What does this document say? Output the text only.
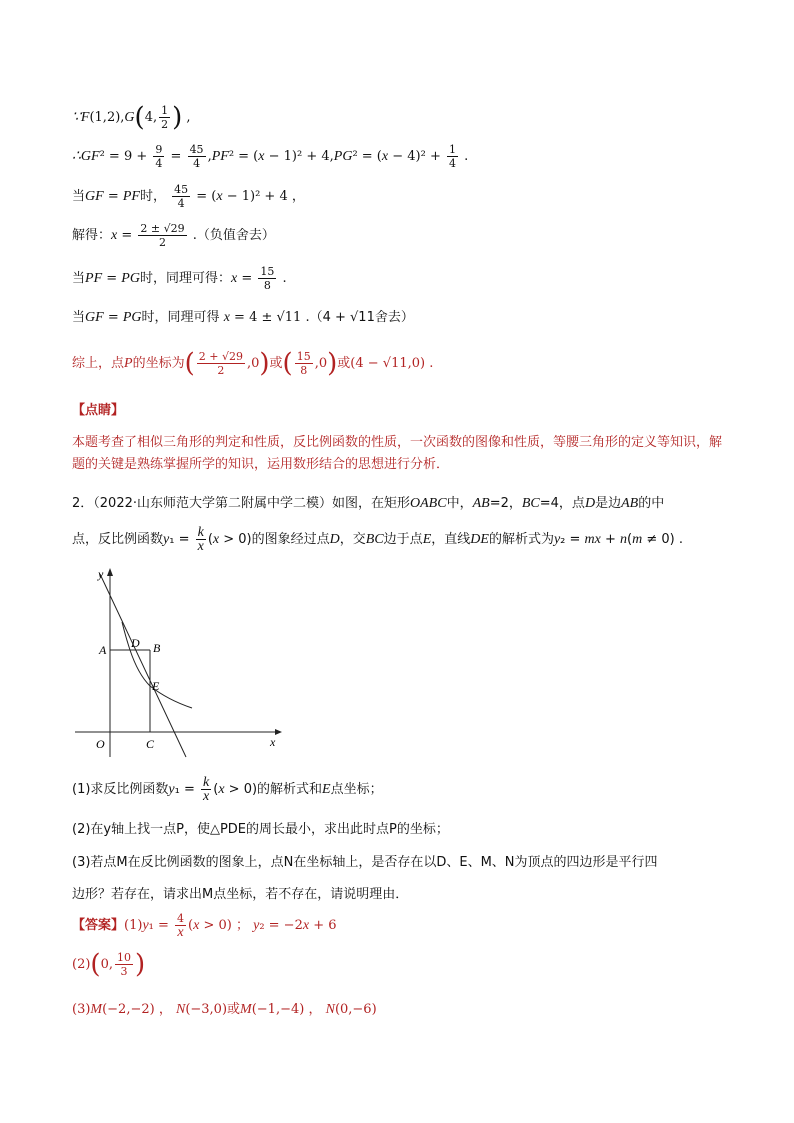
∵F(1,2),G(4, $\frac{1}{2}$ ) ,
∴GF² = $9 + \frac{9}{4} = \frac{45}{4} ,PF^2 = (x - 1)^2 + 4,PG^2 = (x - 4)^2 + \frac{1}{4}$ .
当GF = PF时， $\frac{45}{4} = (x - 1)^2 + 4$ ，
解得：$x = \frac{2 \pm √29}{2}$ .（负值舍去）
当PF = PG时，同理可得：$x = \frac{15}{8}$ .
当GF = PG时，同理可得 x = 4 ± √11 .（4 + √11舍去）
综上，点P的坐标为( $\frac{2 + √29}{2} ,0$)或( $\frac{15}{8} ,0$)或(4 − √11,0) .
【点睛】
本题考查了相似三角形的判定和性质，反比例函数的性质，一次函数的图像和性质，等腰三角形的定义等知识，解题的关键是熟练掌握所学的知识，运用数形结合的思想进行分析．
2．（2022·山东师范大学第二附属中学二模）如图，在矩形OABC中，AB=2，BC=4，点D是边AB的中
点，反比例函数$y_1 = \frac{k}{x} (x > 0)$的图象经过点D，交BC边于点E，直线DE的解析式为y₂ = mx + n(m ≠ 0) .
y
x
O
A D B
E
C
(1)求反比例函数$y_1 = \frac{k}{x} (x > 0)$的解析式和E点坐标；
(2)在y轴上找一点P，使△PDE的周长最小，求出此时点P的坐标；
(3)若点M在反比例函数的图象上，点N在坐标轴上，是否存在以D、E、M、N为顶点的四边形是平行四
边形？若存在，请求出M点坐标，若不存在，请说明理由．
【答案】$(1)y_1 = \frac{4}{x} (x > 0)$ ； y₂ = −2x + 6
(2)(0, $\frac{10}{3}$ )
(3)M(−2,−2) ， N(−3,0)或M(−1,−4) ， N(0,−6)
